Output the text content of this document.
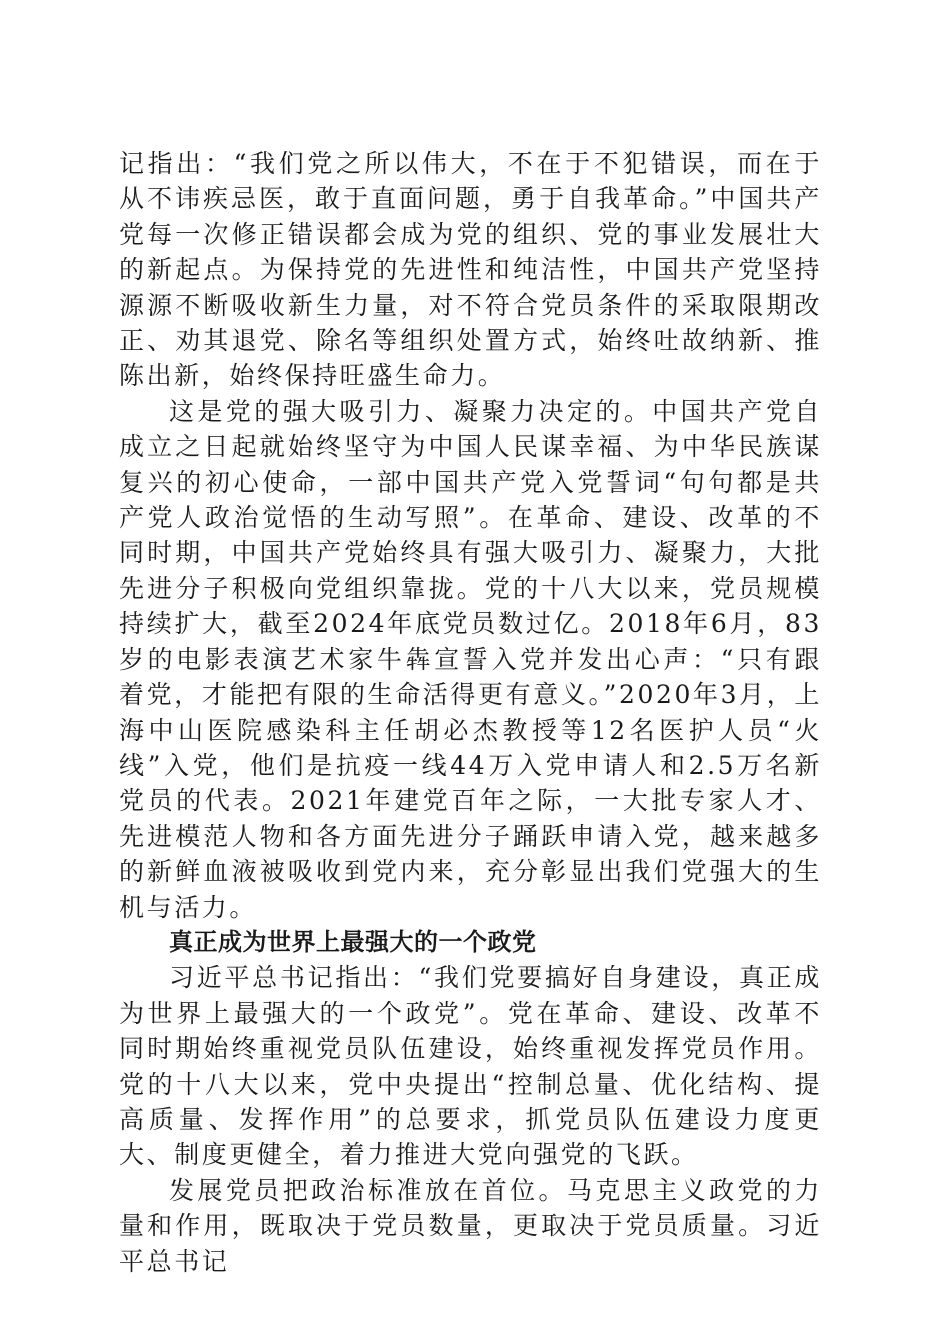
记指出：“我们党之所以伟大，不在于不犯错误，而在于从不讳疾忌医，敢于直面问题，勇于自我革命。”中国共产党每一次修正错误都会成为党的组织、党的事业发展壮大的新起点。为保持党的先进性和纯洁性，中国共产党坚持源源不断吸收新生力量，对不符合党员条件的采取限期改正、劝其退党、除名等组织处置方式，始终吐故纳新、推陈出新，始终保持旺盛生命力。

这是党的强大吸引力、凝聚力决定的。中国共产党自成立之日起就始终坚守为中国人民谋幸福、为中华民族谋复兴的初心使命，一部中国共产党入党誓词“句句都是共产党人政治觉悟的生动写照”。在革命、建设、改革的不同时期，中国共产党始终具有强大吸引力、凝聚力，大批先进分子积极向党组织靠拢。党的十八大以来，党员规模持续扩大，截至2024年底党员数过亿。2018年6月，83岁的电影表演艺术家牛犇宣誓入党并发出心声：“只有跟着党，才能把有限的生命活得更有意义。”2020年3月，上海中山医院感染科主任胡必杰教授等12名医护人员“火线”入党，他们是抗疫一线44万入党申请人和2.5万名新党员的代表。2021年建党百年之际，一大批专家人才、先进模范人物和各方面先进分子踊跃申请入党，越来越多的新鲜血液被吸收到党内来，充分彰显出我们党强大的生机与活力。

真正成为世界上最强大的一个政党

习近平总书记指出：“我们党要搞好自身建设，真正成为世界上最强大的一个政党”。党在革命、建设、改革不同时期始终重视党员队伍建设，始终重视发挥党员作用。党的十八大以来，党中央提出“控制总量、优化结构、提高质量、发挥作用”的总要求，抓党员队伍建设力度更大、制度更健全，着力推进大党向强党的飞跃。

发展党员把政治标准放在首位。马克思主义政党的力量和作用，既取决于党员数量，更取决于党员质量。习近平总书记
